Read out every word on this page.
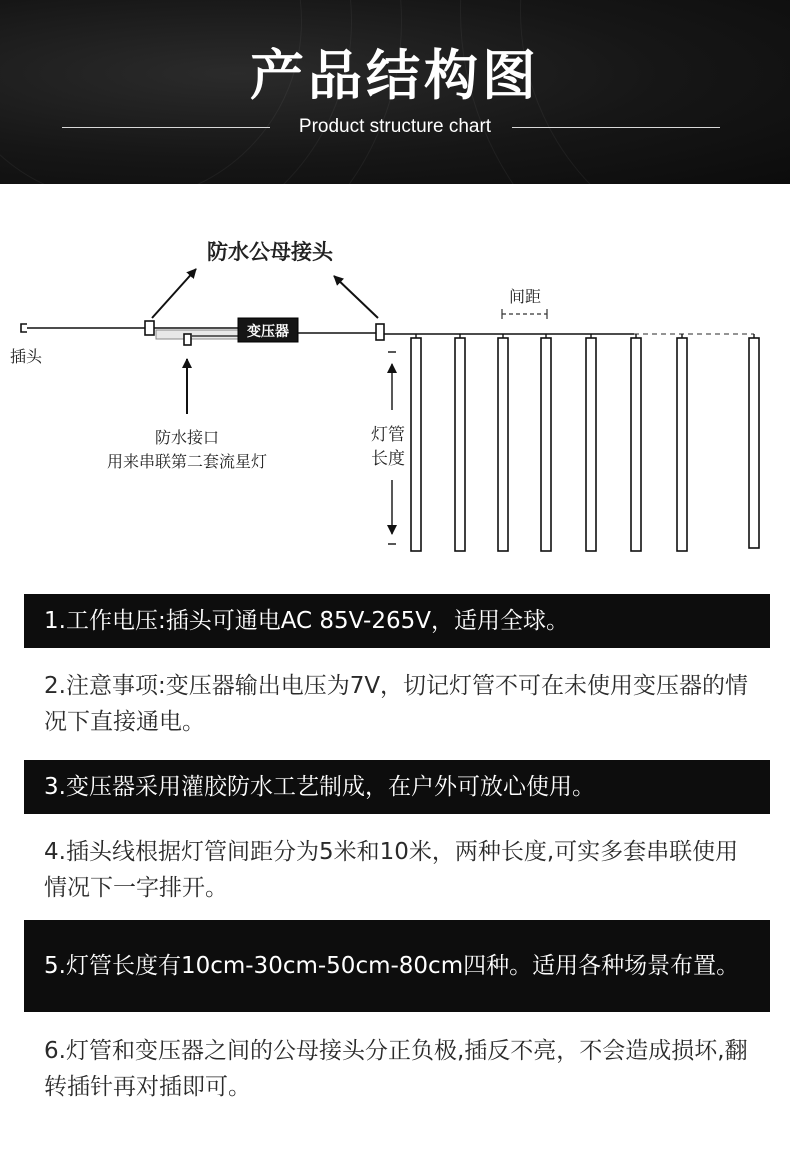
产品结构图
Product structure chart
防水公母接头
插头
变压器
防水接口
用来串联第二套流星灯
间距
灯管
长度
1.工作电压:插头可通电AC 85V-265V，适用全球。
2.注意事项:变压器输出电压为7V，切记灯管不可在未使用变压器的情况下直接通电。
3.变压器采用灌胶防水工艺制成，在户外可放心使用。
4.插头线根据灯管间距分为5米和10米，两种长度,可实多套串联使用情况下一字排开。
5.灯管长度有10cm-30cm-50cm-80cm四种。适用各种场景布置。
6.灯管和变压器之间的公母接头分正负极,插反不亮，不会造成损坏,翻转插针再对插即可。
